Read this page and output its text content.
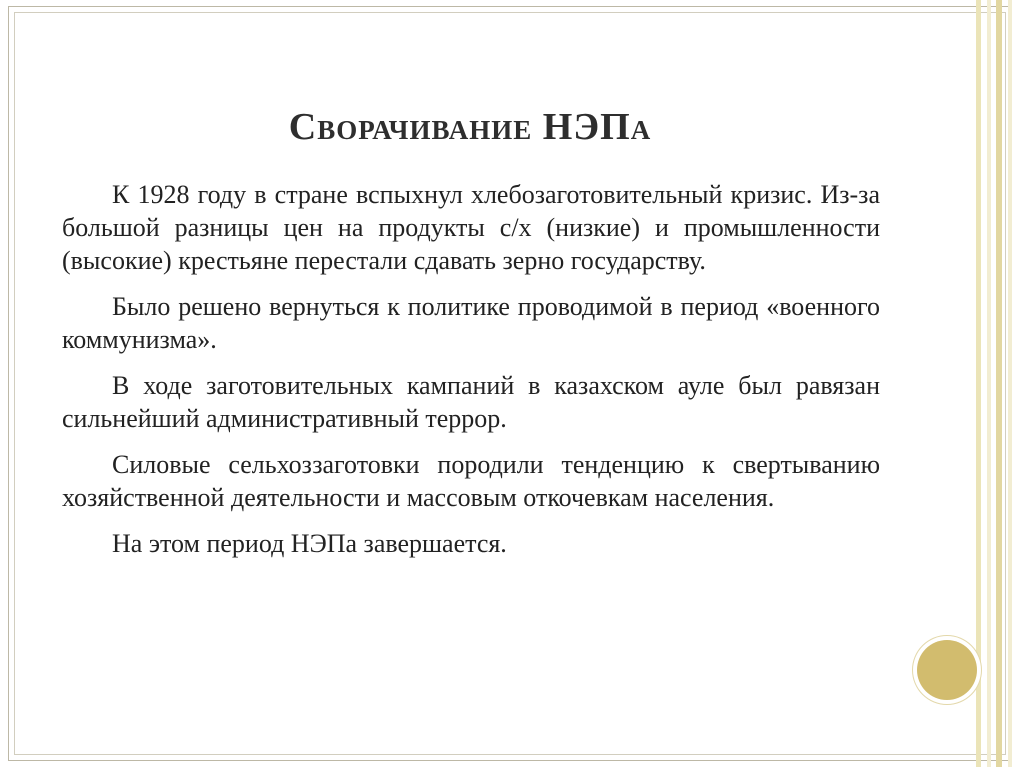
Сворачивание НЭПа

К 1928 году в стране вспыхнул хлебозаготовительный кризис. Из-за большой разницы цен на продукты с/х (низкие) и промышленности (высокие) крестьяне перестали сдавать зерно государству.

Было решено вернуться к политике проводимой в период «военного коммунизма».

В ходе заготовительных кампаний в казахском ауле был равязан сильнейший административный террор.

Силовые сельхоззаготовки породили тенденцию к свертыванию хозяйственной деятельности и массовым откочевкам населения.

На этом период НЭПа завершается.
